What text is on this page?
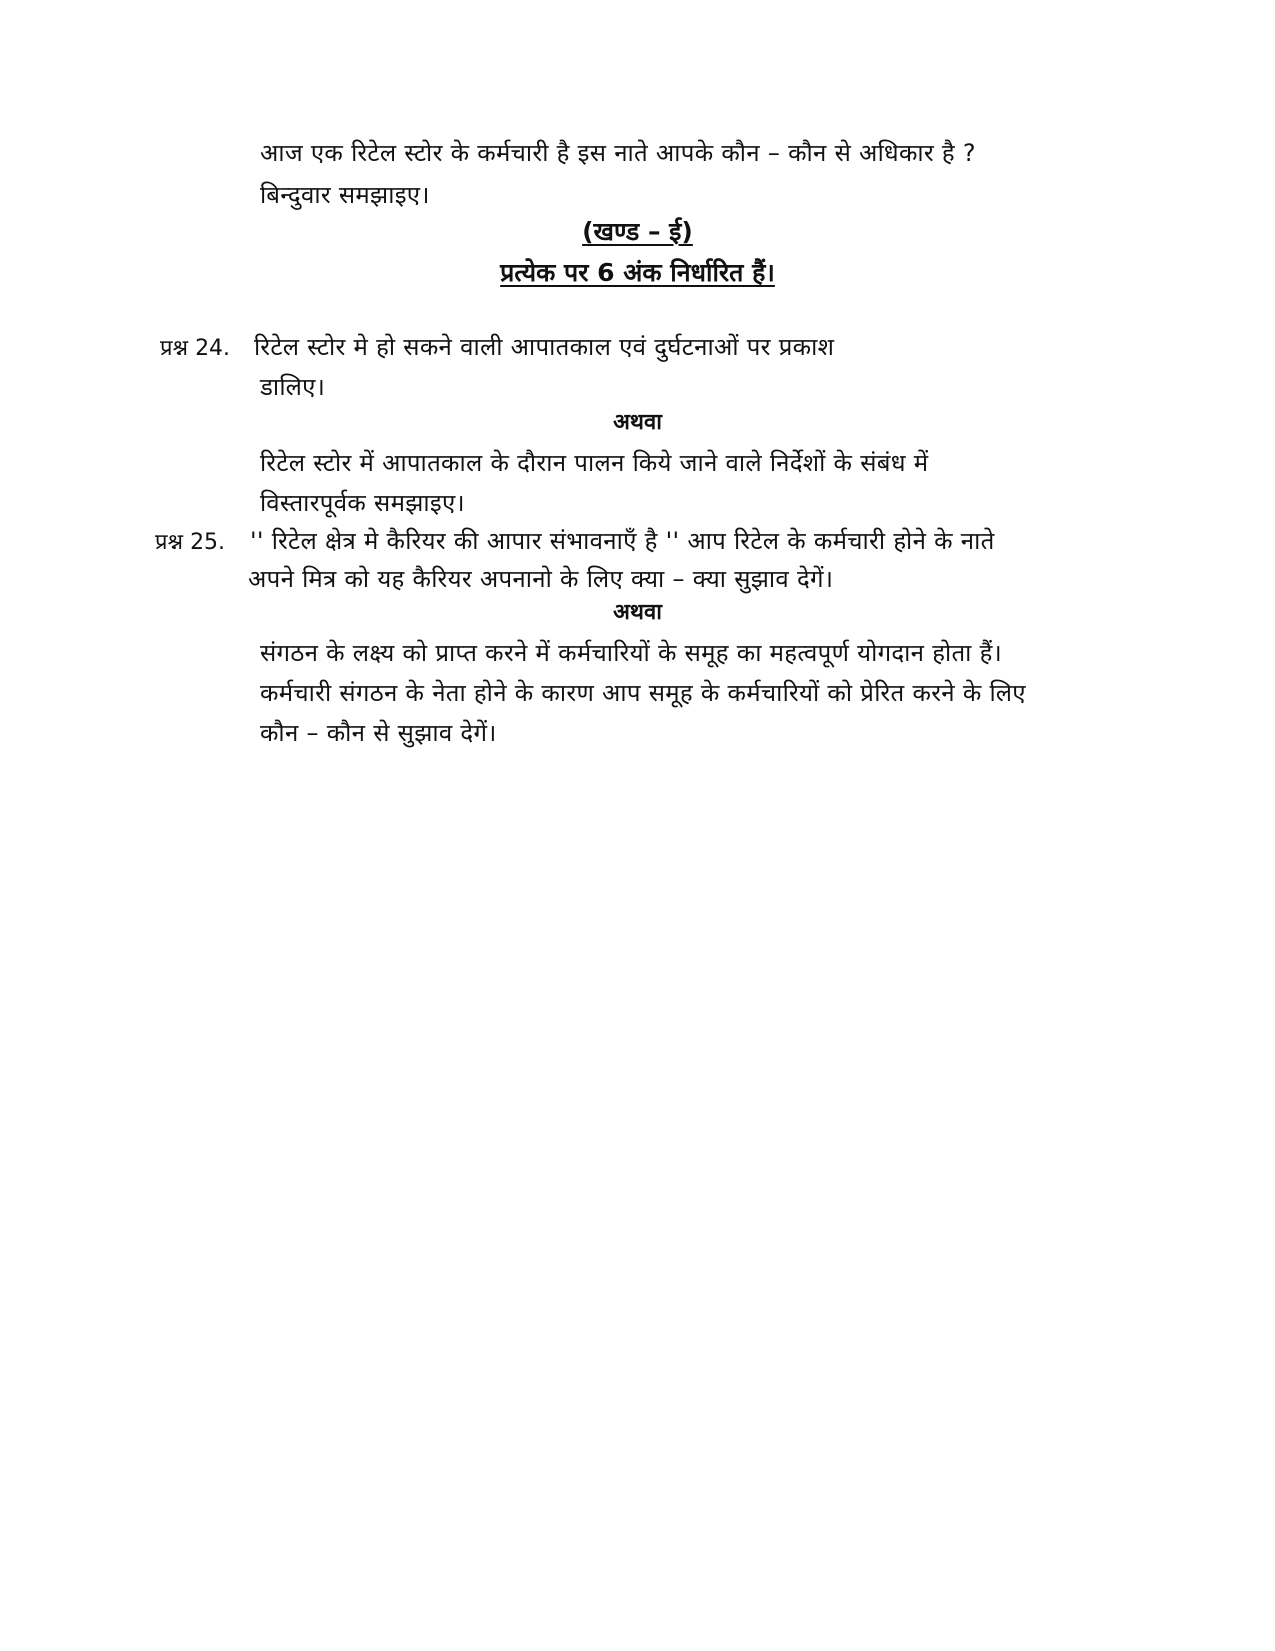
आज एक रिटेल स्टोर के कर्मचारी है इस नाते आपके कौन – कौन से अधिकार है ?
बिन्दुवार समझाइए।
(खण्ड – ई)
प्रत्येक पर 6 अंक निर्धारित हैं।
प्रश्न 24. रिटेल स्टोर मे हो सकने वाली आपातकाल एवं दुर्घटनाओं पर प्रकाश
डालिए।
अथवा
रिटेल स्टोर में आपातकाल के दौरान पालन किये जाने वाले निर्देशों के संबंध में
विस्तारपूर्वक समझाइए।
प्रश्न 25. '' रिटेल क्षेत्र मे कैरियर की आपार संभावनाएँ है '' आप रिटेल के कर्मचारी होने के नाते
अपने मित्र को यह कैरियर अपनानो के लिए क्या – क्या सुझाव देगें।
अथवा
संगठन के लक्ष्य को प्राप्त करने में कर्मचारियों के समूह का महत्वपूर्ण योगदान होता हैं।
कर्मचारी संगठन के नेता होने के कारण आप समूह के कर्मचारियों को प्रेरित करने के लिए
कौन – कौन से सुझाव देगें।
